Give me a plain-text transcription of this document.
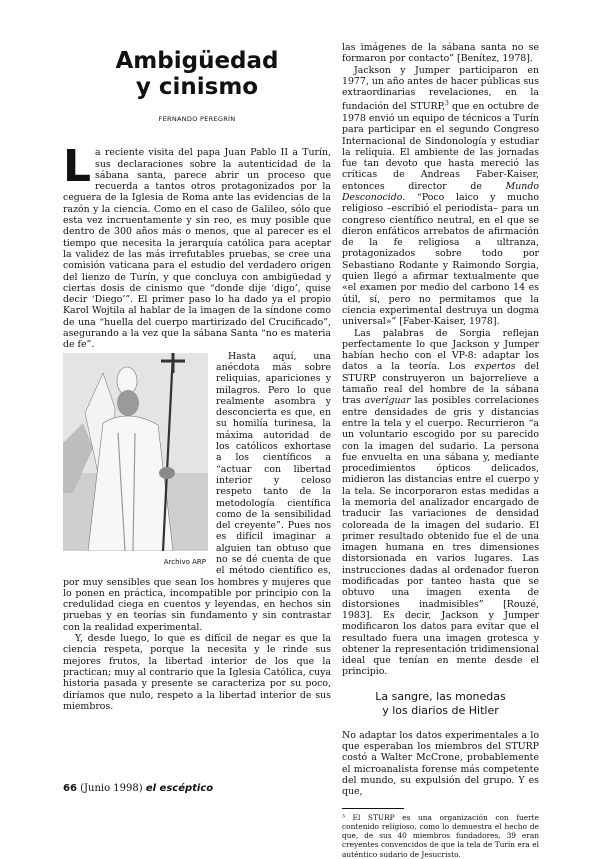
Ambigüedad
y cinismo
FERNANDO PEREGRÍN

La reciente visita del papa Juan Pablo II a Turín, sus declaraciones sobre la autenticidad de la sábana santa, parece abrir un proceso que recuerda a tantos otros protagonizados por la ceguera de la Iglesia de Roma ante las evidencias de la razón y la ciencia. Como en el caso de Galileo, sólo que esta vez incruentamente y sin reo, es muy posible que dentro de 300 años más o menos, que al parecer es el tiempo que necesita la jerarquía católica para aceptar la validez de las más irrefutables pruebas, se cree una comisión vaticana para el estudio del verdadero origen del lienzo de Turín, y que concluya con ambigüedad y ciertas dosis de cinismo que “donde dije ‘digo’, quise decir ‘Diego’”. El primer paso lo ha dado ya el propio Karol Wojtila al hablar de la imagen de la síndone como de una “huella del cuerpo martirizado del Crucificado”, asegurando a la vez que la sábana Santa “no es materia de fe”.

Archivo ARP
Hasta aquí, una anécdota más sobre reliquias, apariciones y milagros. Pero lo que realmente asombra y desconcierta es que, en su homilía turinesa, la máxima autoridad de los católicos exhortase a los científicos a “actuar con libertad interior y celoso respeto tanto de la metodología científica como de la sensibilidad del creyente”. Pues nos es difícil imaginar a alguien tan obtuso que no se dé cuenta de que el método científico es, por muy sensibles que sean los hombres y mujeres que lo ponen en práctica, incompatible por principio con la credulidad ciega en cuentos y leyendas, en hechos sin pruebas y en teorías sin fundamento y sin contrastar con la realidad experimental.

Y, desde luego, lo que es difícil de negar es que la ciencia respeta, porque la necesita y le rinde sus mejores frutos, la libertad interior de los que la practican; muy al contrario que la Iglesia Católica, cuya historia pasada y presente se caracteriza por su poco, diríamos que nulo, respeto a la libertad interior de sus miembros.

las imágenes de la sábana santa no se formaron por contacto” [Benítez, 1978].

Jackson y Jumper participaron en 1977, un año antes de hacer públicas sus extraordinarias revelaciones, en la fundación del STURP,$^3$ que en octubre de 1978 envió un equipo de técnicos a Turín para participar en el segundo Congreso Internacional de Sindonología y estudiar la reliquia. El ambiente de las jornadas fue tan devoto que hasta mereció las críticas de Andreas Faber-Kaiser, entonces director de Mundo Desconocido. “Poco laico y mucho religioso –escribió el periodista– para un congreso científico neutral, en el que se dieron enfáticos arrebatos de afirmación de la fe religiosa a ultranza, protagonizados sobre todo por Sebastiano Rodante y Raimondo Sorgia, quien llegó a afirmar textualmente que «el examen por medio del carbono 14 es útil, sí, pero no permitamos que la ciencia experimental destruya un dogma universal»” [Faber-Kaiser, 1978].

Las palabras de Sorgia reflejan perfectamente lo que Jackson y Jumper habían hecho con el VP-8: adaptar los datos a la teoría. Los expertos del STURP construyeron un bajorrelieve a tamaño real del hombre de la sábana tras averiguar las posibles correlaciones entre densidades de gris y distancias entre la tela y el cuerpo. Recurrieron “a un voluntario escogido por su parecido con la imagen del sudario. La persona fue envuelta en una sábana y, mediante procedimientos ópticos delicados, midieron las distancias entre el cuerpo y la tela. Se incorporaron estas medidas a la memoria del analizador encargado de traducir las variaciones de densidad coloreada de la imagen del sudario. El primer resultado obtenido fue el de una imagen humana en tres dimensiones distorsionada en varios lugares. Las instrucciones dadas al ordenador fueron modificadas por tanteo hasta que se obtuvo una imagen exenta de distorsiones inadmisibles” [Rouzé, 1983]. Es decir, Jackson y Jumper modificaron los datos para evitar que el resultado fuera una imagen grotesca y obtener la representación tridimensional ideal que tenían en mente desde el principio.

La sangre, las monedas
y los diarios de Hitler

No adaptar los datos experimentales a lo que esperaban los miembros del STURP costó a Walter McCrone, probablemente el microanalista forense más competente del mundo, su expulsión del grupo. Y es que,

³ El STURP es una organización con fuerte contenido religioso, como lo demuestra el hecho de que, de sus 40 miembros fundadores, 39 eran creyentes convencidos de que la tela de Turín era el auténtico sudario de Jesucristo.

66 (Junio 1998) el escéptico
